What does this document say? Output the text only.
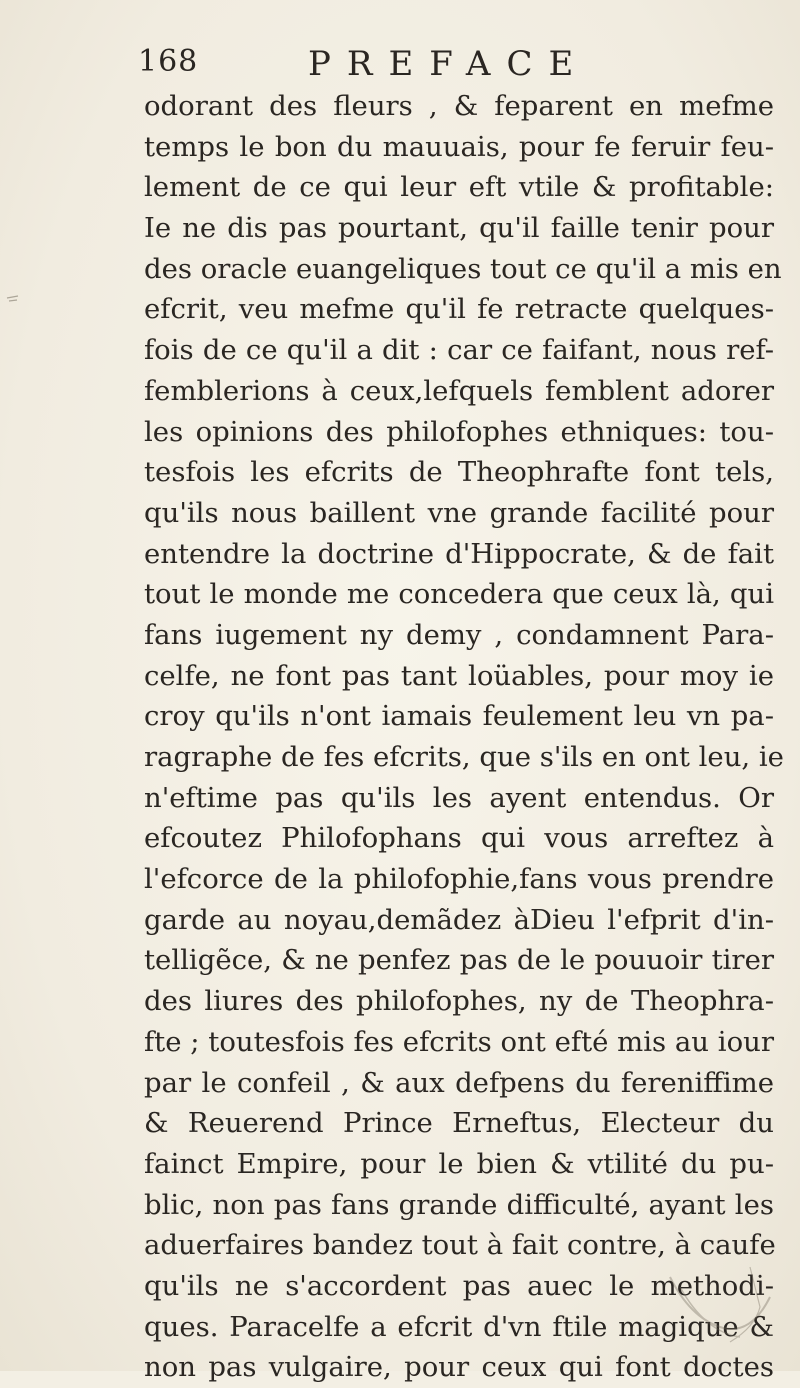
168	PREFACE
odorant des fleurs , & feparent en mefme
temps le bon du mauuais, pour fe feruir feu-
lement de ce qui leur eft vtile & profitable:
Ie ne dis pas pourtant, qu'il faille tenir pour
des oracle euangeliques tout ce qu'il a mis en
efcrit, veu mefme qu'il fe retracte quelques-
fois de ce qu'il a dit : car ce faifant, nous ref-
femblerions à ceux,lefquels femblent adorer
les opinions des philofophes ethniques: tou-
tesfois les efcrits de Theophrafte font tels,
qu'ils nous baillent vne grande facilité pour
entendre la doctrine d'Hippocrate, & de fait
tout le monde me concedera que ceux là, qui
fans iugement ny demy , condamnent Para-
celfe, ne font pas tant loüables, pour moy ie
croy qu'ils n'ont iamais feulement leu vn pa-
ragraphe de fes efcrits, que s'ils en ont leu, ie
n'eftime pas qu'ils les ayent entendus. Or
efcoutez Philofophans qui vous arreftez à
l'efcorce de la philofophie,fans vous prendre
garde au noyau,demãdez àDieu l'efprit d'in-
telligẽce, & ne penfez pas de le pouuoir tirer
des liures des philofophes, ny de Theophra-
fte ; toutesfois fes efcrits ont efté mis au iour
par le confeil , & aux defpens du fereniffime
& Reuerend Prince Erneftus, Electeur du
fainct Empire, pour le bien & vtilité du pu-
blic, non pas fans grande difficulté, ayant les
aduerfaires bandez tout à fait contre, à caufe
qu'ils ne s'accordent pas auec le methodi-
ques. Paracelfe a efcrit d'vn ftile magique &
non pas vulgaire, pour ceux qui font doctes
